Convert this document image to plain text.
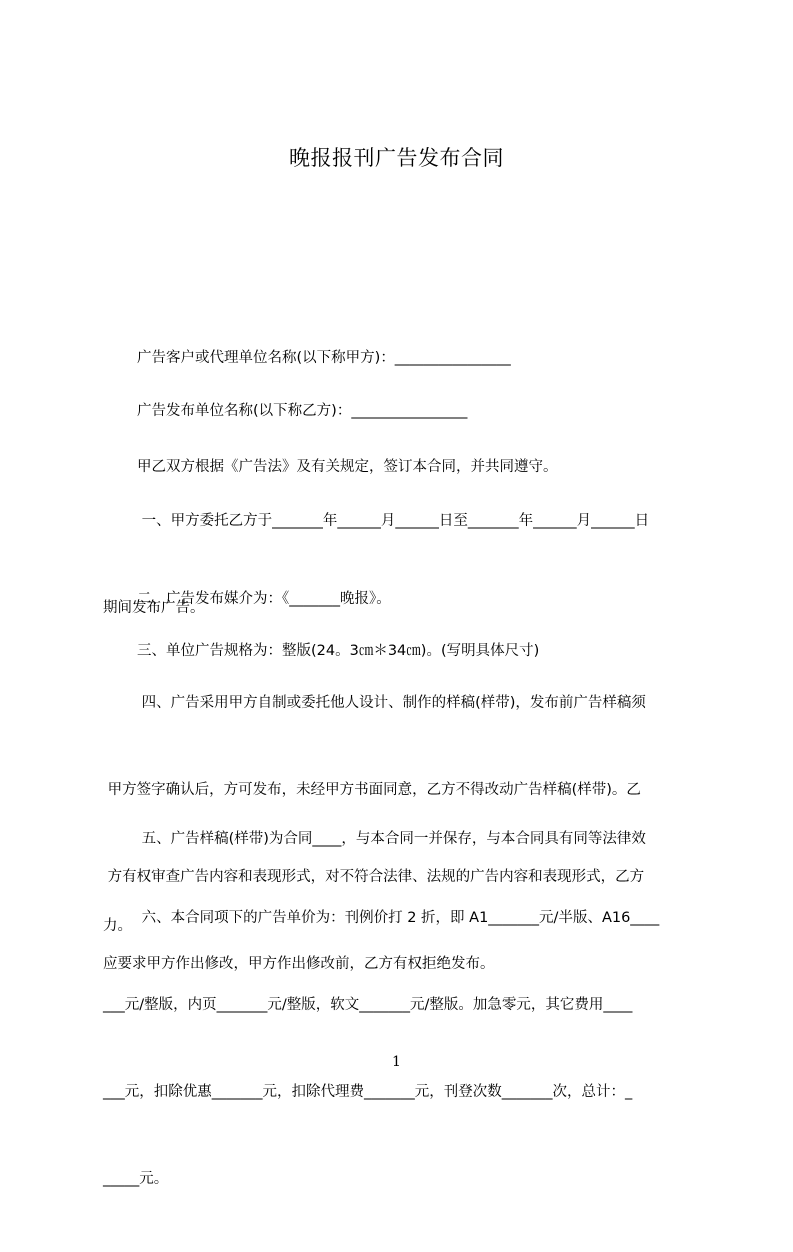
晚报报刊广告发布合同

广告客户或代理单位名称(以下称甲方)：________________

广告发布单位名称(以下称乙方)：________________

甲乙双方根据《广告法》及有关规定，签订本合同，并共同遵守。

一、甲方委托乙方于_______年______月______日至_______年______月______日

期间发布广告。

二、广告发布媒介为：《_______晚报》。

三、单位广告规格为：整版(24。3㎝＊34㎝)。(写明具体尺寸)

四、广告采用甲方自制或委托他人设计、制作的样稿(样带)，发布前广告样稿须

甲方签字确认后，方可发布，未经甲方书面同意，乙方不得改动广告样稿(样带)。乙

方有权审查广告内容和表现形式，对不符合法律、法规的广告内容和表现形式，乙方

应要求甲方作出修改，甲方作出修改前，乙方有权拒绝发布。

五、广告样稿(样带)为合同____，与本合同一并保存，与本合同具有同等法律效

力。

六、本合同项下的广告单价为：刊例价打 2 折，即 A1_______元/半版、A16____

___元/整版，内页_______元/整版，软文_______元/整版。加急零元，其它费用____

___元，扣除优惠_______元，扣除代理费_______元，刊登次数_______次，总计：_

_____元。

1
